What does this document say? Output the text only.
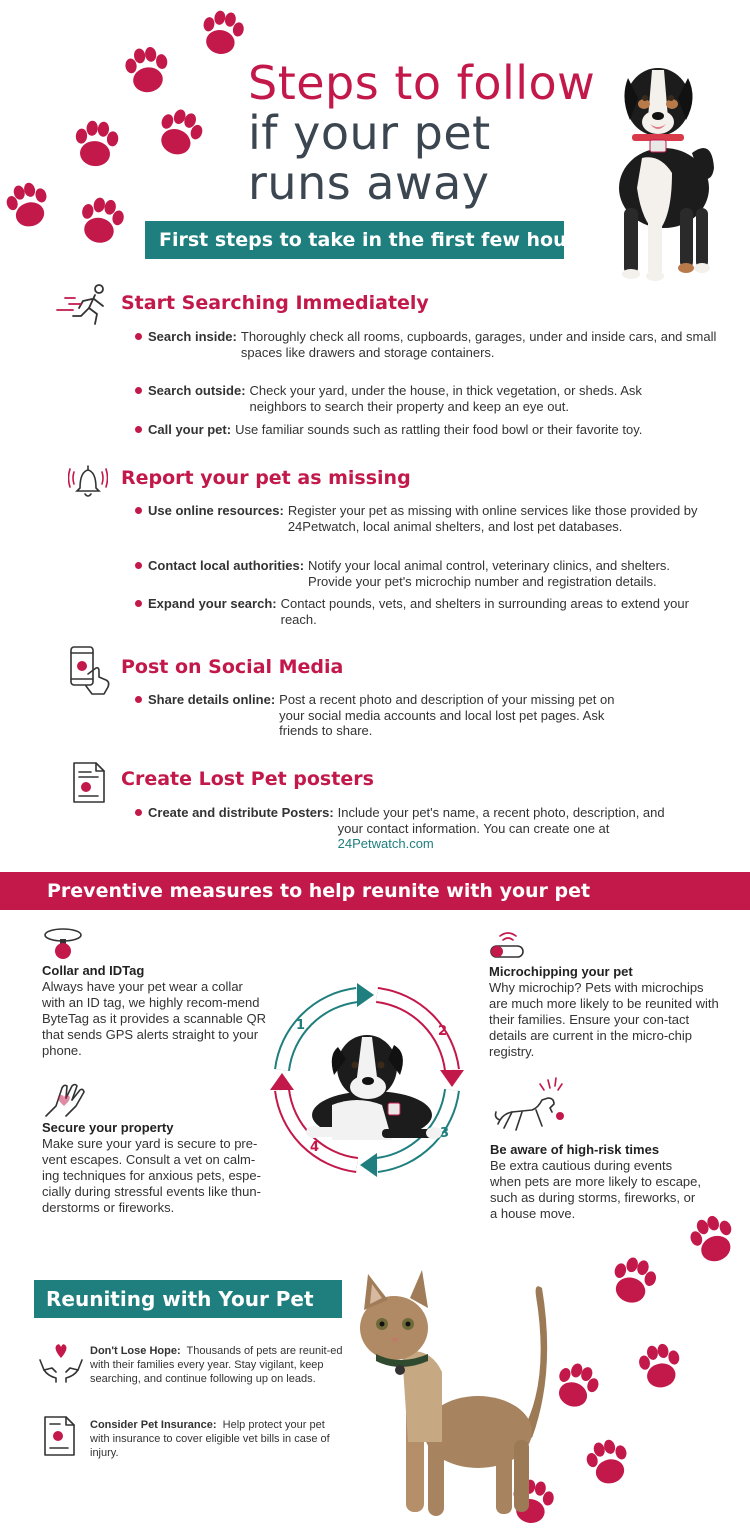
Steps to follow
if your pet
runs away
First steps to take in the first few hours
Start Searching Immediately
Search inside: Thoroughly check all rooms, cupboards, garages, under and inside cars, and small spaces like drawers and storage containers.
Search outside: Check your yard, under the house, in thick vegetation, or sheds. Ask neighbors to search their property and keep an eye out.
Call your pet: Use familiar sounds such as rattling their food bowl or their favorite toy.
Report your pet as missing
Use online resources: Register your pet as missing with online services like those provided by 24Petwatch, local animal shelters, and lost pet databases.
Contact local authorities: Notify your local animal control, veterinary clinics, and shelters. Provide your pet's microchip number and registration details.
Expand your search: Contact pounds, vets, and shelters in surrounding areas to extend your reach.
Post on Social Media
Share details online: Post a recent photo and description of your missing pet on your social media accounts and local lost pet pages. Ask friends to share.
Create Lost Pet posters
Create and distribute Posters: Include your pet's name, a recent photo, description, and your contact information. You can create one at
24Petwatch.com
Preventive measures to help reunite with your pet
Collar and IDTag
Always have your pet wear a collar with an ID tag, we highly recom-mend ByteTag as it provides a scannable QR that sends GPS alerts straight to your phone.
Secure your property
Make sure your yard is secure to pre-vent escapes. Consult a vet on calm-ing techniques for anxious pets, espe-cially during stressful events like thun-derstorms or fireworks.
1	2
3
4
Microchipping your pet
Why microchip? Pets with microchips are much more likely to be reunited with their families. Ensure your con-tact details are current in the micro-chip registry.
Be aware of high-risk times
Be extra cautious during events when pets are more likely to escape, such as during storms, fireworks, or a house move.
Reuniting with Your Pet
Don't Lose Hope: Thousands of pets are reunit-ed with their families every year. Stay vigilant, keep searching, and continue following up on leads.
Consider Pet Insurance: Help protect your pet with insurance to cover eligible vet bills in case of injury.
